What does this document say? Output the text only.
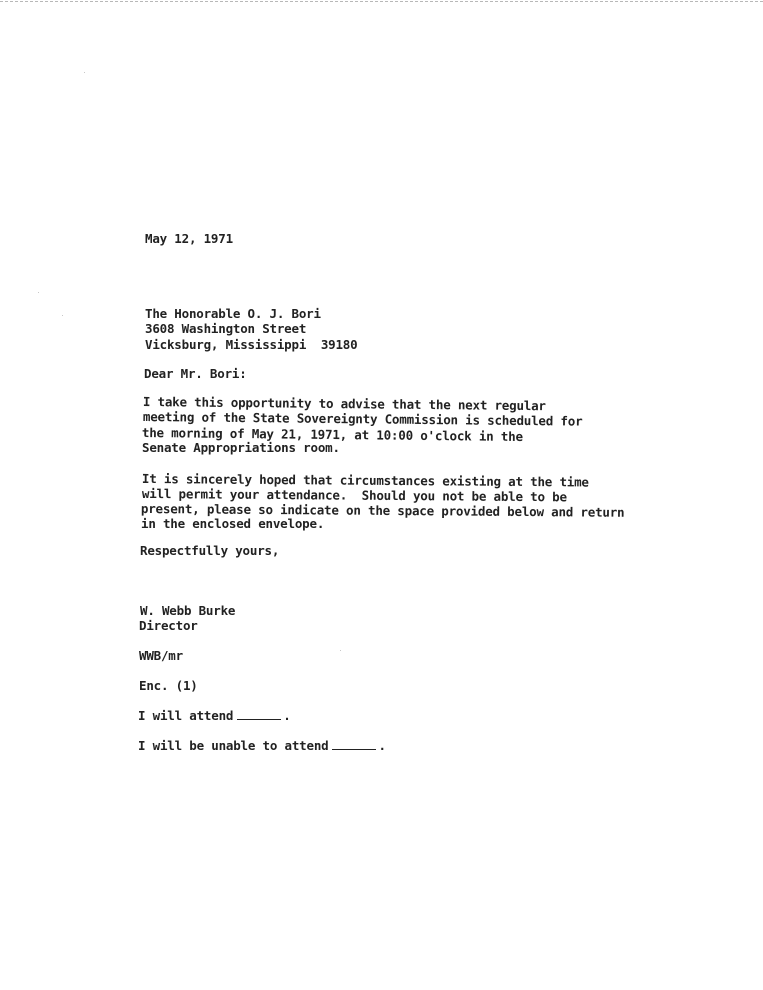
May 12, 1971
The Honorable O. J. Bori
3608 Washington Street
Vicksburg, Mississippi  39180
Dear Mr. Bori:
I take this opportunity to advise that the next regular
meeting of the State Sovereignty Commission is scheduled for
the morning of May 21, 1971, at 10:00 o'clock in the
Senate Appropriations room.
It is sincerely hoped that circumstances existing at the time
will permit your attendance.  Should you not be able to be
present, please so indicate on the space provided below and return
in the enclosed envelope.
Respectfully yours,
W. Webb Burke
Director
WWB/mr
Enc. (1)
I will attend	.
I will be unable to attend	.
